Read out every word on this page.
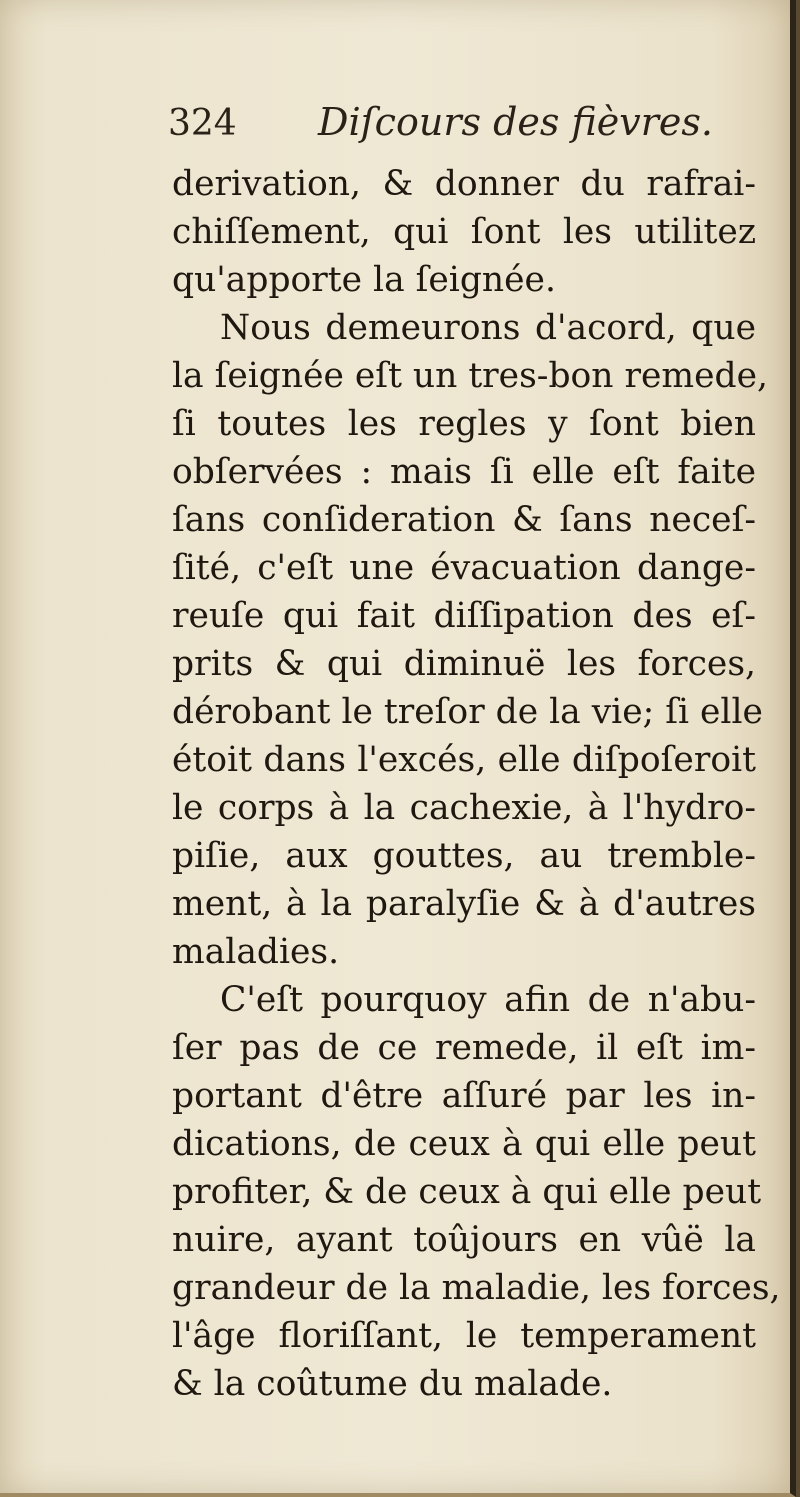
324	Diſcours des fièvres.
derivation, & donner du rafrai-
chiſſement, qui ſont les utilitez
qu'apporte la ſeignée.
Nous demeurons d'acord, que
la ſeignée eſt un tres-bon remede,
ſi toutes les regles y ſont bien
obſervées : mais ſi elle eſt faite
ſans conſideration & ſans neceſ-
ſité, c'eſt une évacuation dange-
reuſe qui fait diſſipation des eſ-
prits & qui diminuë les forces,
dérobant le treſor de la vie; ſi elle
étoit dans l'excés, elle diſpoſeroit
le corps à la cachexie, à l'hydro-
piſie, aux gouttes, au tremble-
ment, à la paralyſie & à d'autres
maladies.
C'eſt pourquoy afin de n'abu-
ſer pas de ce remede, il eſt im-
portant d'être aſſuré par les in-
dications, de ceux à qui elle peut
profiter, & de ceux à qui elle peut
nuire, ayant toûjours en vûë la
grandeur de la maladie, les forces,
l'âge floriſſant, le temperament
& la coûtume du malade.
